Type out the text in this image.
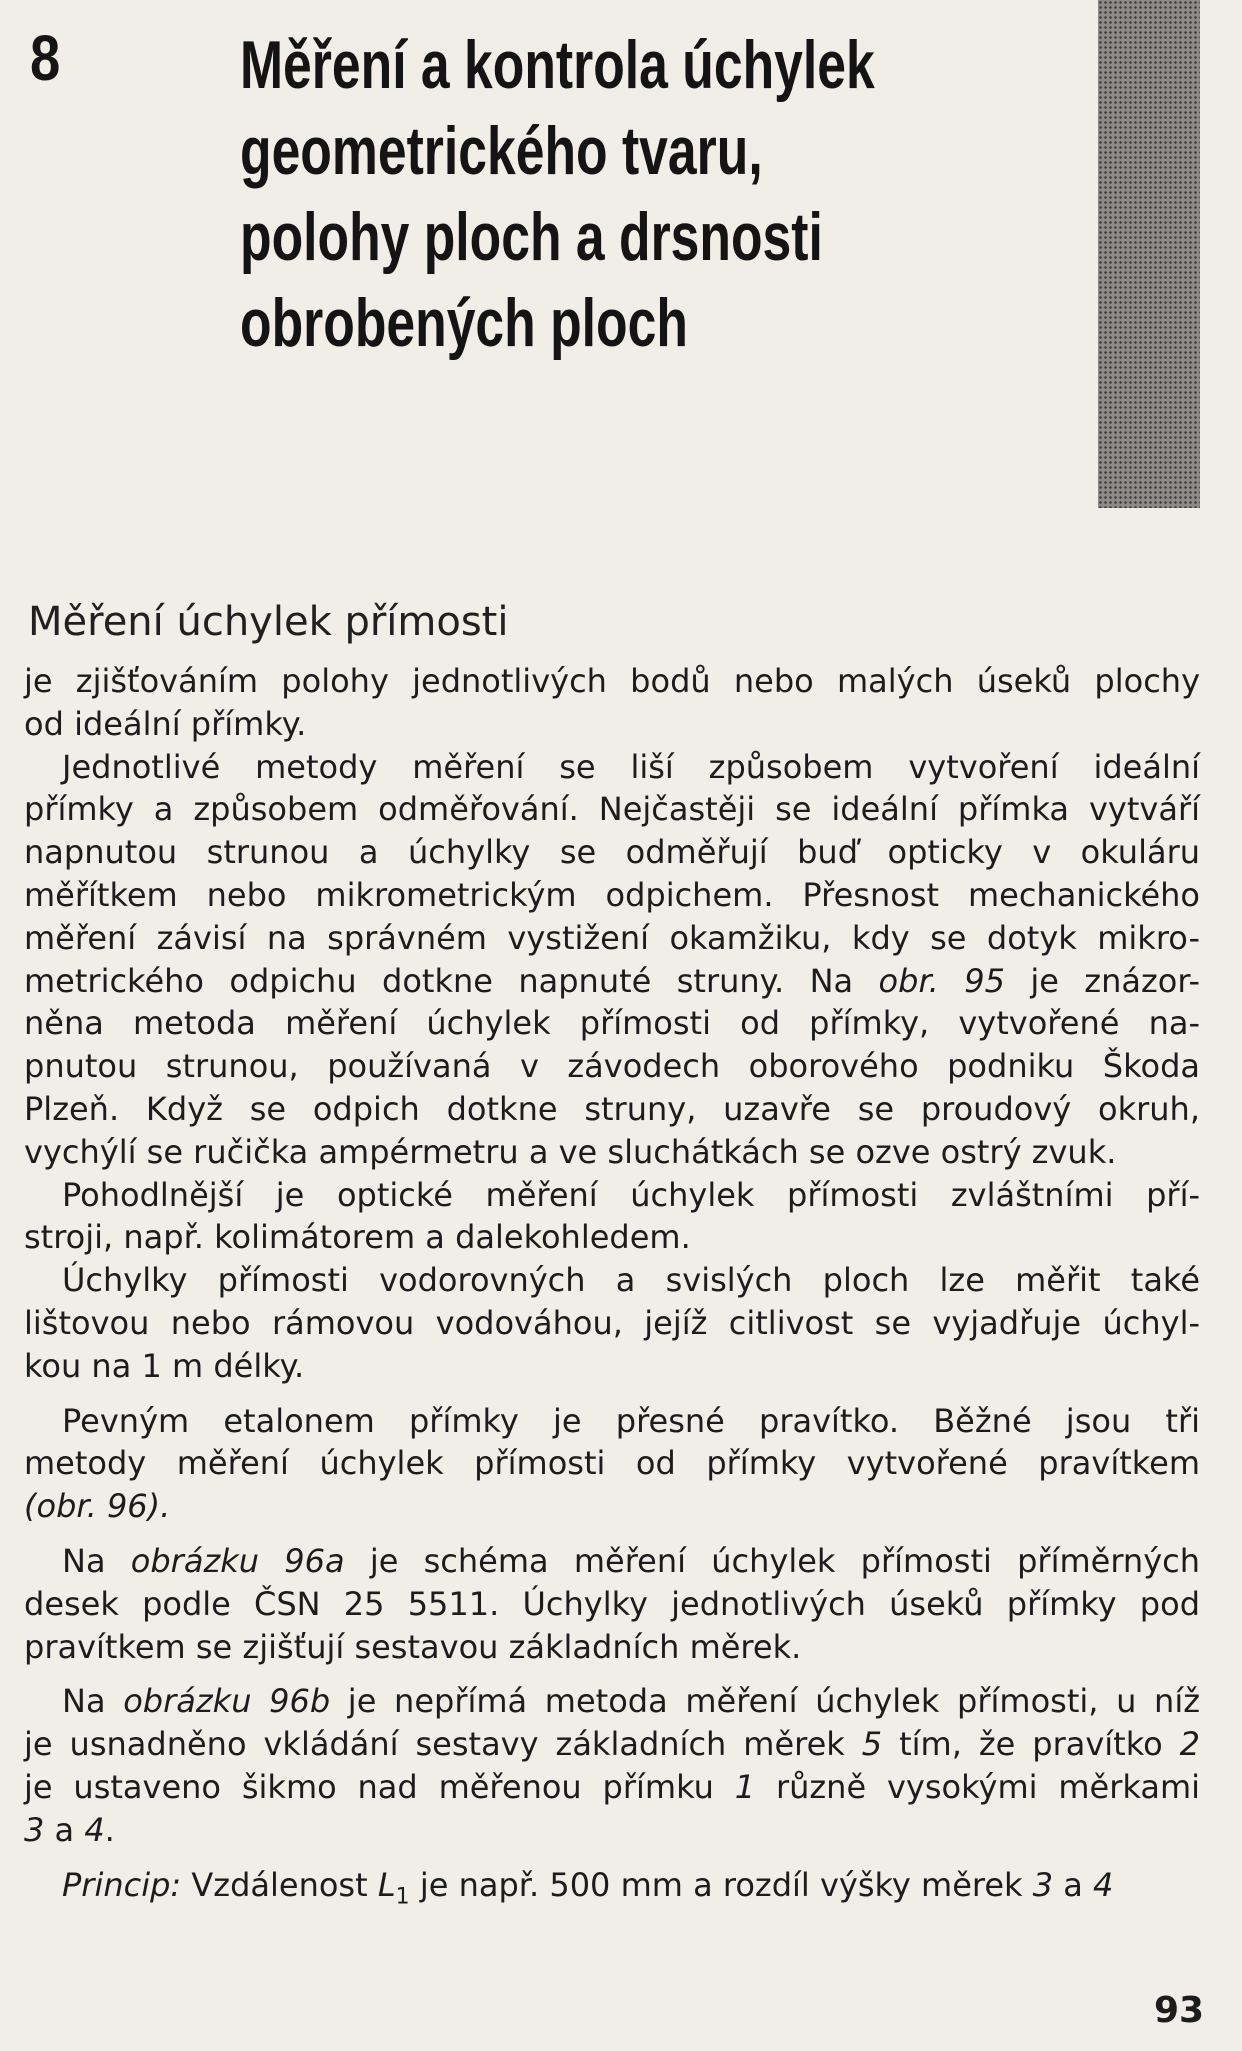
8	Měření a kontrola úchylek
geometrického tvaru,
polohy ploch a drsnosti
obrobených ploch
Měření úchylek přímosti

je zjišťováním polohy jednotlivých bodů nebo malých úseků plochy

od ideální přímky.

Jednotlivé metody měření se liší způsobem vytvoření ideální

přímky a způsobem odměřování. Nejčastěji se ideální přímka vytváří

napnutou strunou a úchylky se odměřují buď opticky v okuláru

měřítkem nebo mikrometrickým odpichem. Přesnost mechanického

měření závisí na správném vystižení okamžiku, kdy se dotyk mikro-

metrického odpichu dotkne napnuté struny. Na obr. 95 je znázor-

něna metoda měření úchylek přímosti od přímky, vytvořené na-

pnutou strunou, používaná v závodech oborového podniku Škoda

Plzeň. Když se odpich dotkne struny, uzavře se proudový okruh,

vychýlí se ručička ampérmetru a ve sluchátkách se ozve ostrý zvuk.

Pohodlnější je optické měření úchylek přímosti zvláštními pří-

stroji, např. kolimátorem a dalekohledem.

Úchylky přímosti vodorovných a svislých ploch lze měřit také

lištovou nebo rámovou vodováhou, jejíž citlivost se vyjadřuje úchyl-

kou na 1 m délky.

Pevným etalonem přímky je přesné pravítko. Běžné jsou tři

metody měření úchylek přímosti od přímky vytvořené pravítkem

(obr. 96).

Na obrázku 96a je schéma měření úchylek přímosti příměrných

desek podle ČSN 25 5511. Úchylky jednotlivých úseků přímky pod

pravítkem se zjišťují sestavou základních měrek.

Na obrázku 96b je nepřímá metoda měření úchylek přímosti, u níž

je usnadněno vkládání sestavy základních měrek 5 tím, že pravítko 2

je ustaveno šikmo nad měřenou přímku 1 různě vysokými měrkami

3 a 4.

Princip: Vzdálenost $L_1$ je např. 500 mm a rozdíl výšky měrek 3 a 4

93
